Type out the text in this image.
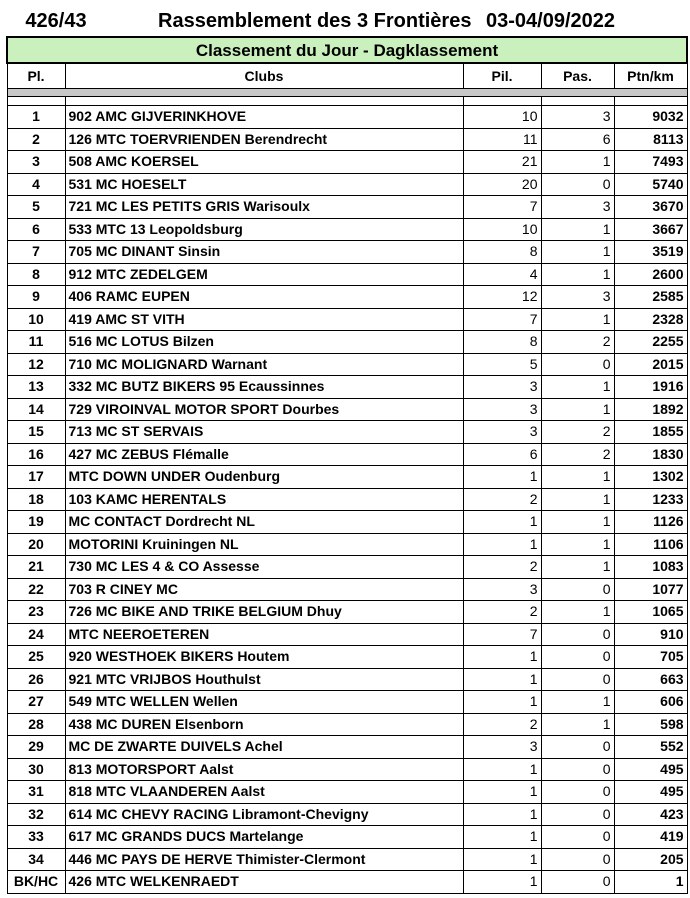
426/43	Rassemblement des 3 Frontières 03-04/09/2022
Classement du Jour - Dagklassement				
Pl.	Clubs	Pil.	Pas.	Ptn/km

1	902 AMC GIJVERINKHOVE	10	3	9032
2	126 MTC TOERVRIENDEN Berendrecht	11	6	8113
3	508 AMC KOERSEL	21	1	7493
4	531 MC HOESELT	20	0	5740
5	721 MC LES PETITS GRIS Warisoulx	7	3	3670
6	533 MTC 13 Leopoldsburg	10	1	3667
7	705 MC DINANT Sinsin	8	1	3519
8	912 MTC ZEDELGEM	4	1	2600
9	406 RAMC EUPEN	12	3	2585
10	419 AMC ST VITH	7	1	2328
11	516 MC LOTUS Bilzen	8	2	2255
12	710 MC MOLIGNARD Warnant	5	0	2015
13	332 MC BUTZ BIKERS 95 Ecaussinnes	3	1	1916
14	729 VIROINVAL MOTOR SPORT Dourbes	3	1	1892
15	713 MC ST SERVAIS	3	2	1855
16	427 MC ZEBUS Flémalle	6	2	1830
17	MTC DOWN UNDER Oudenburg	1	1	1302
18	103 KAMC HERENTALS	2	1	1233
19	MC CONTACT Dordrecht NL	1	1	1126
20	MOTORINI Kruiningen NL	1	1	1106
21	730 MC LES 4 & CO Assesse	2	1	1083
22	703 R CINEY MC	3	0	1077
23	726 MC BIKE AND TRIKE BELGIUM Dhuy	2	1	1065
24	MTC NEEROETEREN	7	0	910
25	920 WESTHOEK BIKERS Houtem	1	0	705
26	921 MTC VRIJBOS Houthulst	1	0	663
27	549 MTC WELLEN Wellen	1	1	606
28	438 MC DUREN Elsenborn	2	1	598
29	MC DE ZWARTE DUIVELS Achel	3	0	552
30	813 MOTORSPORT Aalst	1	0	495
31	818 MTC VLAANDEREN Aalst	1	0	495
32	614 MC CHEVY RACING Libramont-Chevigny	1	0	423
33	617 MC GRANDS DUCS Martelange	1	0	419
34	446 MC PAYS DE HERVE Thimister-Clermont	1	0	205
BK/HC	426 MTC WELKENRAEDT	1	0	1
